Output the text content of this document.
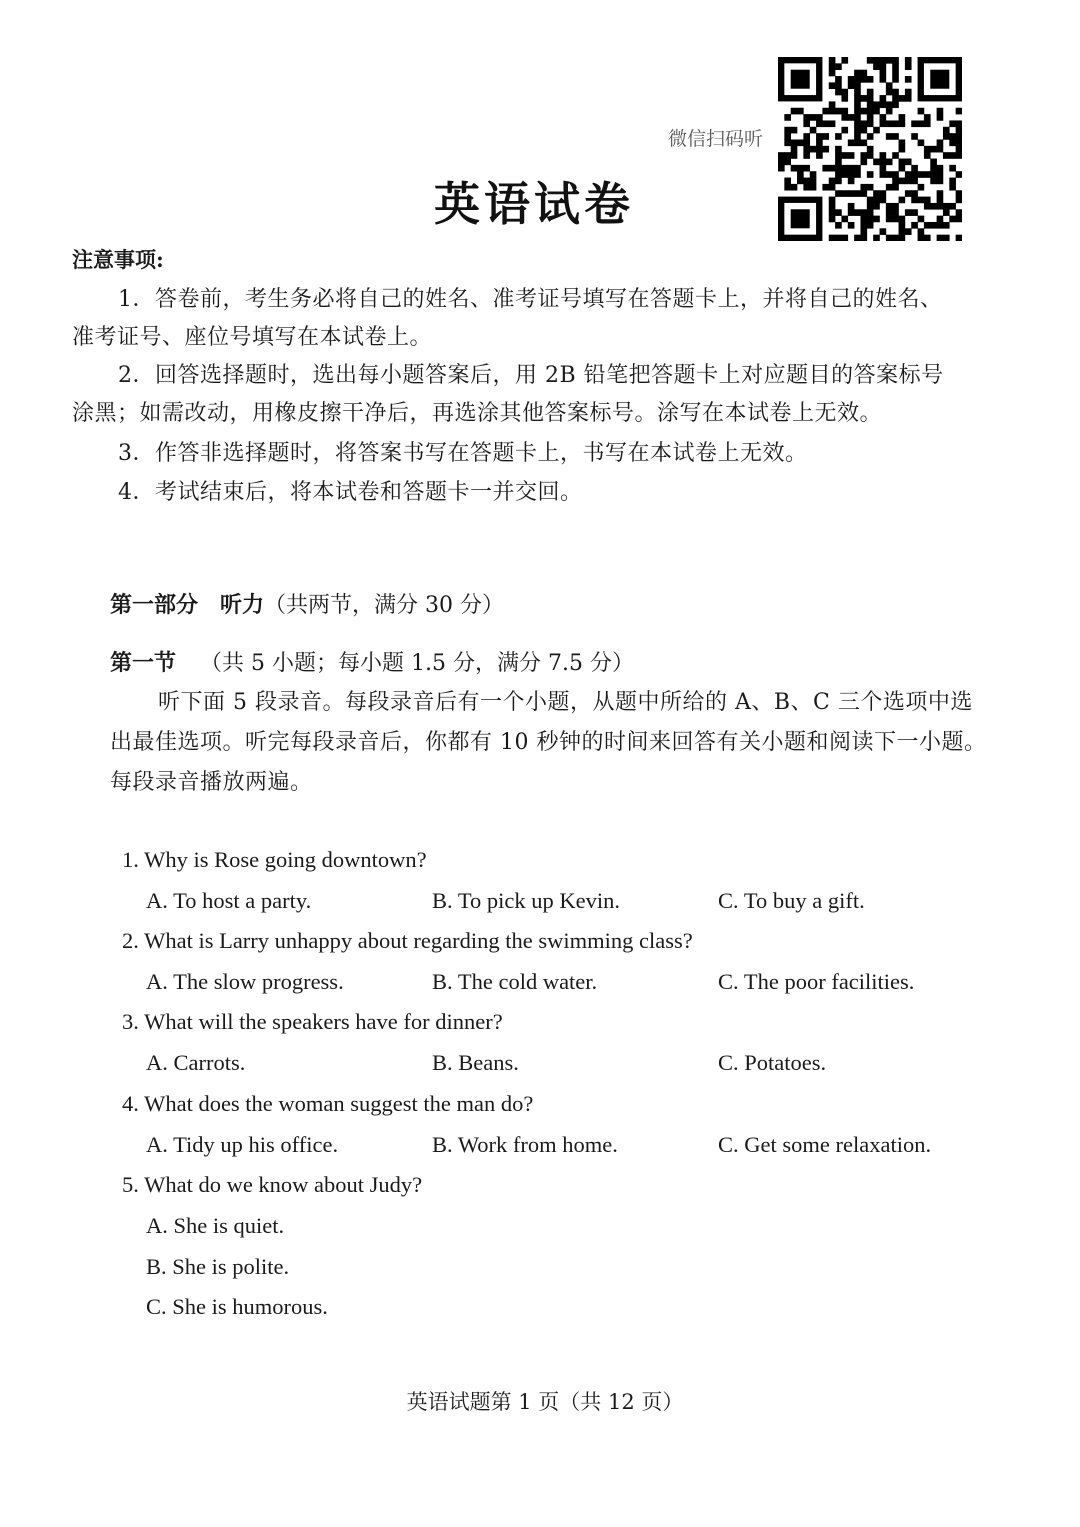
微信扫码听
英语试卷
注意事项:
1．答卷前，考生务必将自己的姓名、准考证号填写在答题卡上，并将自己的姓名、
准考证号、座位号填写在本试卷上。
2．回答选择题时，选出每小题答案后，用 2B 铅笔把答题卡上对应题目的答案标号
涂黑；如需改动，用橡皮擦干净后，再选涂其他答案标号。涂写在本试卷上无效。
3．作答非选择题时，将答案书写在答题卡上，书写在本试卷上无效。
4．考试结束后，将本试卷和答题卡一并交回。
第一部分 听力（共两节，满分 30 分）
第一节 （共 5 小题；每小题 1.5 分，满分 7.5 分）
听下面 5 段录音。每段录音后有一个小题，从题中所给的 A、B、C 三个选项中选
出最佳选项。听完每段录音后，你都有 10 秒钟的时间来回答有关小题和阅读下一小题。
每段录音播放两遍。
1. Why is Rose going downtown?
A. To host a party.	B. To pick up Kevin.	C. To buy a gift.
2. What is Larry unhappy about regarding the swimming class?
A. The slow progress.	B. The cold water.	C. The poor facilities.
3. What will the speakers have for dinner?
A. Carrots.	B. Beans.	C. Potatoes.
4. What does the woman suggest the man do?
A. Tidy up his office.	B. Work from home.	C. Get some relaxation.
5. What do we know about Judy?
A. She is quiet.
B. She is polite.
C. She is humorous.
英语试题第 1 页（共 12 页）
